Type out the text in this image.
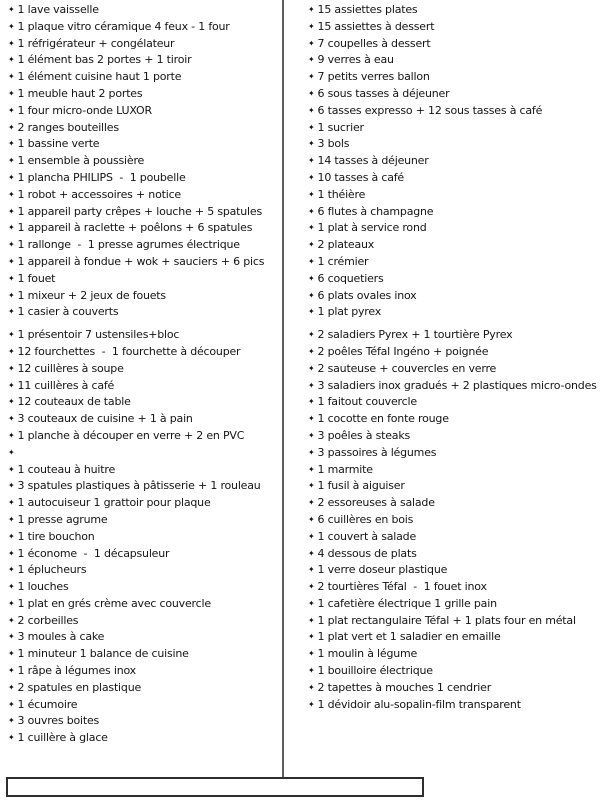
✦ 1 lave vaisselle
✦ 1 plaque vitro céramique 4 feux - 1 four
✦ 1 réfrigérateur + congélateur
✦ 1 élément bas 2 portes + 1 tiroir
✦ 1 élément cuisine haut 1 porte
✦ 1 meuble haut 2 portes
✦ 1 four micro-onde LUXOR
✦ 2 ranges bouteilles
✦ 1 bassine verte
✦ 1 ensemble à poussière
✦ 1 plancha PHILIPS  -  1 poubelle
✦ 1 robot + accessoires + notice
✦ 1 appareil party crêpes + louche + 5 spatules
✦ 1 appareil à raclette + poêlons + 6 spatules
✦ 1 rallonge  -  1 presse agrumes électrique
✦ 1 appareil à fondue + wok + sauciers + 6 pics
✦ 1 fouet
✦ 1 mixeur + 2 jeux de fouets
✦ 1 casier à couverts
✦ 1 présentoir 7 ustensiles+bloc
✦ 12 fourchettes  -  1 fourchette à découper
✦ 12 cuillères à soupe
✦ 11 cuillères à café
✦ 12 couteaux de table
✦ 3 couteaux de cuisine + 1 à pain
✦ 1 planche à découper en verre + 2 en PVC
✦
✦ 1 couteau à huitre
✦ 3 spatules plastiques à pâtisserie + 1 rouleau
✦ 1 autocuiseur 1 grattoir pour plaque
✦ 1 presse agrume
✦ 1 tire bouchon
✦ 1 économe  -  1 décapsuleur
✦ 1 éplucheurs
✦ 1 louches
✦ 1 plat en grés crème avec couvercle
✦ 2 corbeilles
✦ 3 moules à cake
✦ 1 minuteur 1 balance de cuisine
✦ 1 râpe à légumes inox
✦ 2 spatules en plastique
✦ 1 écumoire
✦ 3 ouvres boites
✦ 1 cuillère à glace
✦ 15 assiettes plates
✦ 15 assiettes à dessert
✦ 7 coupelles à dessert
✦ 9 verres à eau
✦ 7 petits verres ballon
✦ 6 sous tasses à déjeuner
✦ 6 tasses expresso + 12 sous tasses à café
✦ 1 sucrier
✦ 3 bols
✦ 14 tasses à déjeuner
✦ 10 tasses à café
✦ 1 théière
✦ 6 flutes à champagne
✦ 1 plat à service rond
✦ 2 plateaux
✦ 1 crémier
✦ 6 coquetiers
✦ 6 plats ovales inox
✦ 1 plat pyrex
✦ 2 saladiers Pyrex + 1 tourtière Pyrex
✦ 2 poêles Téfal Ingéno + poignée
✦ 2 sauteuse + couvercles en verre
✦ 3 saladiers inox gradués + 2 plastiques micro-ondes
✦ 1 faitout couvercle
✦ 1 cocotte en fonte rouge
✦ 3 poêles à steaks
✦ 3 passoires à légumes
✦ 1 marmite
✦ 1 fusil à aiguiser
✦ 2 essoreuses à salade
✦ 6 cuillères en bois
✦ 1 couvert à salade
✦ 4 dessous de plats
✦ 1 verre doseur plastique
✦ 2 tourtières Téfal  -  1 fouet inox
✦ 1 cafetière électrique 1 grille pain
✦ 1 plat rectangulaire Téfal + 1 plats four en métal
✦ 1 plat vert et 1 saladier en emaille
✦ 1 moulin à légume
✦ 1 bouilloire électrique
✦ 2 tapettes à mouches 1 cendrier
✦ 1 dévidoir alu-sopalin-film transparent
